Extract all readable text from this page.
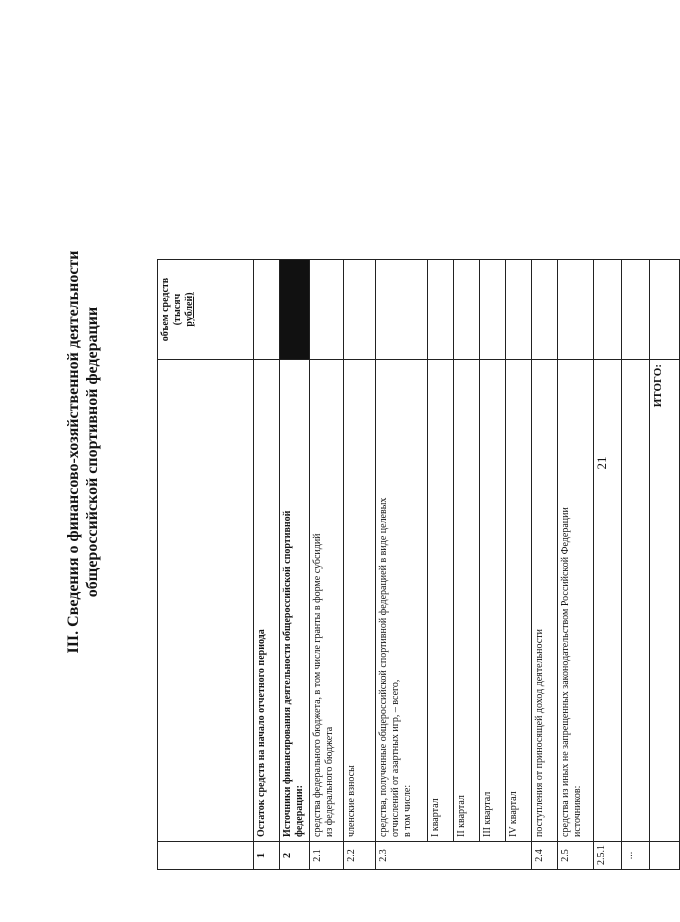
21
III. Сведения о финансово-хозяйственной деятельности общероссийской спортивной федерации

		объем средств (тысяч рублей)

1	Остаток средств на начало отчетного периода	
2	Источники финансирования деятельности общероссийской спортивной федерации:	

2.1	средства федерального бюджета, в том числе гранты в форме субсидий из федерального бюджета	

2.2	членские взносы	
2.3	средства, полученные общероссийской спортивной федерацией в виде целевых отчислений от азартных игр, – всего, в том числе:	

	I квартал	
	II квартал	
	III квартал	
	IV квартал	
2.4	поступления от приносящей доход деятельности	
2.5	средства из иных не запрещенных законодательством Российской Федерации источников:	

2.5.1		
...		
	ИТОГО:	
